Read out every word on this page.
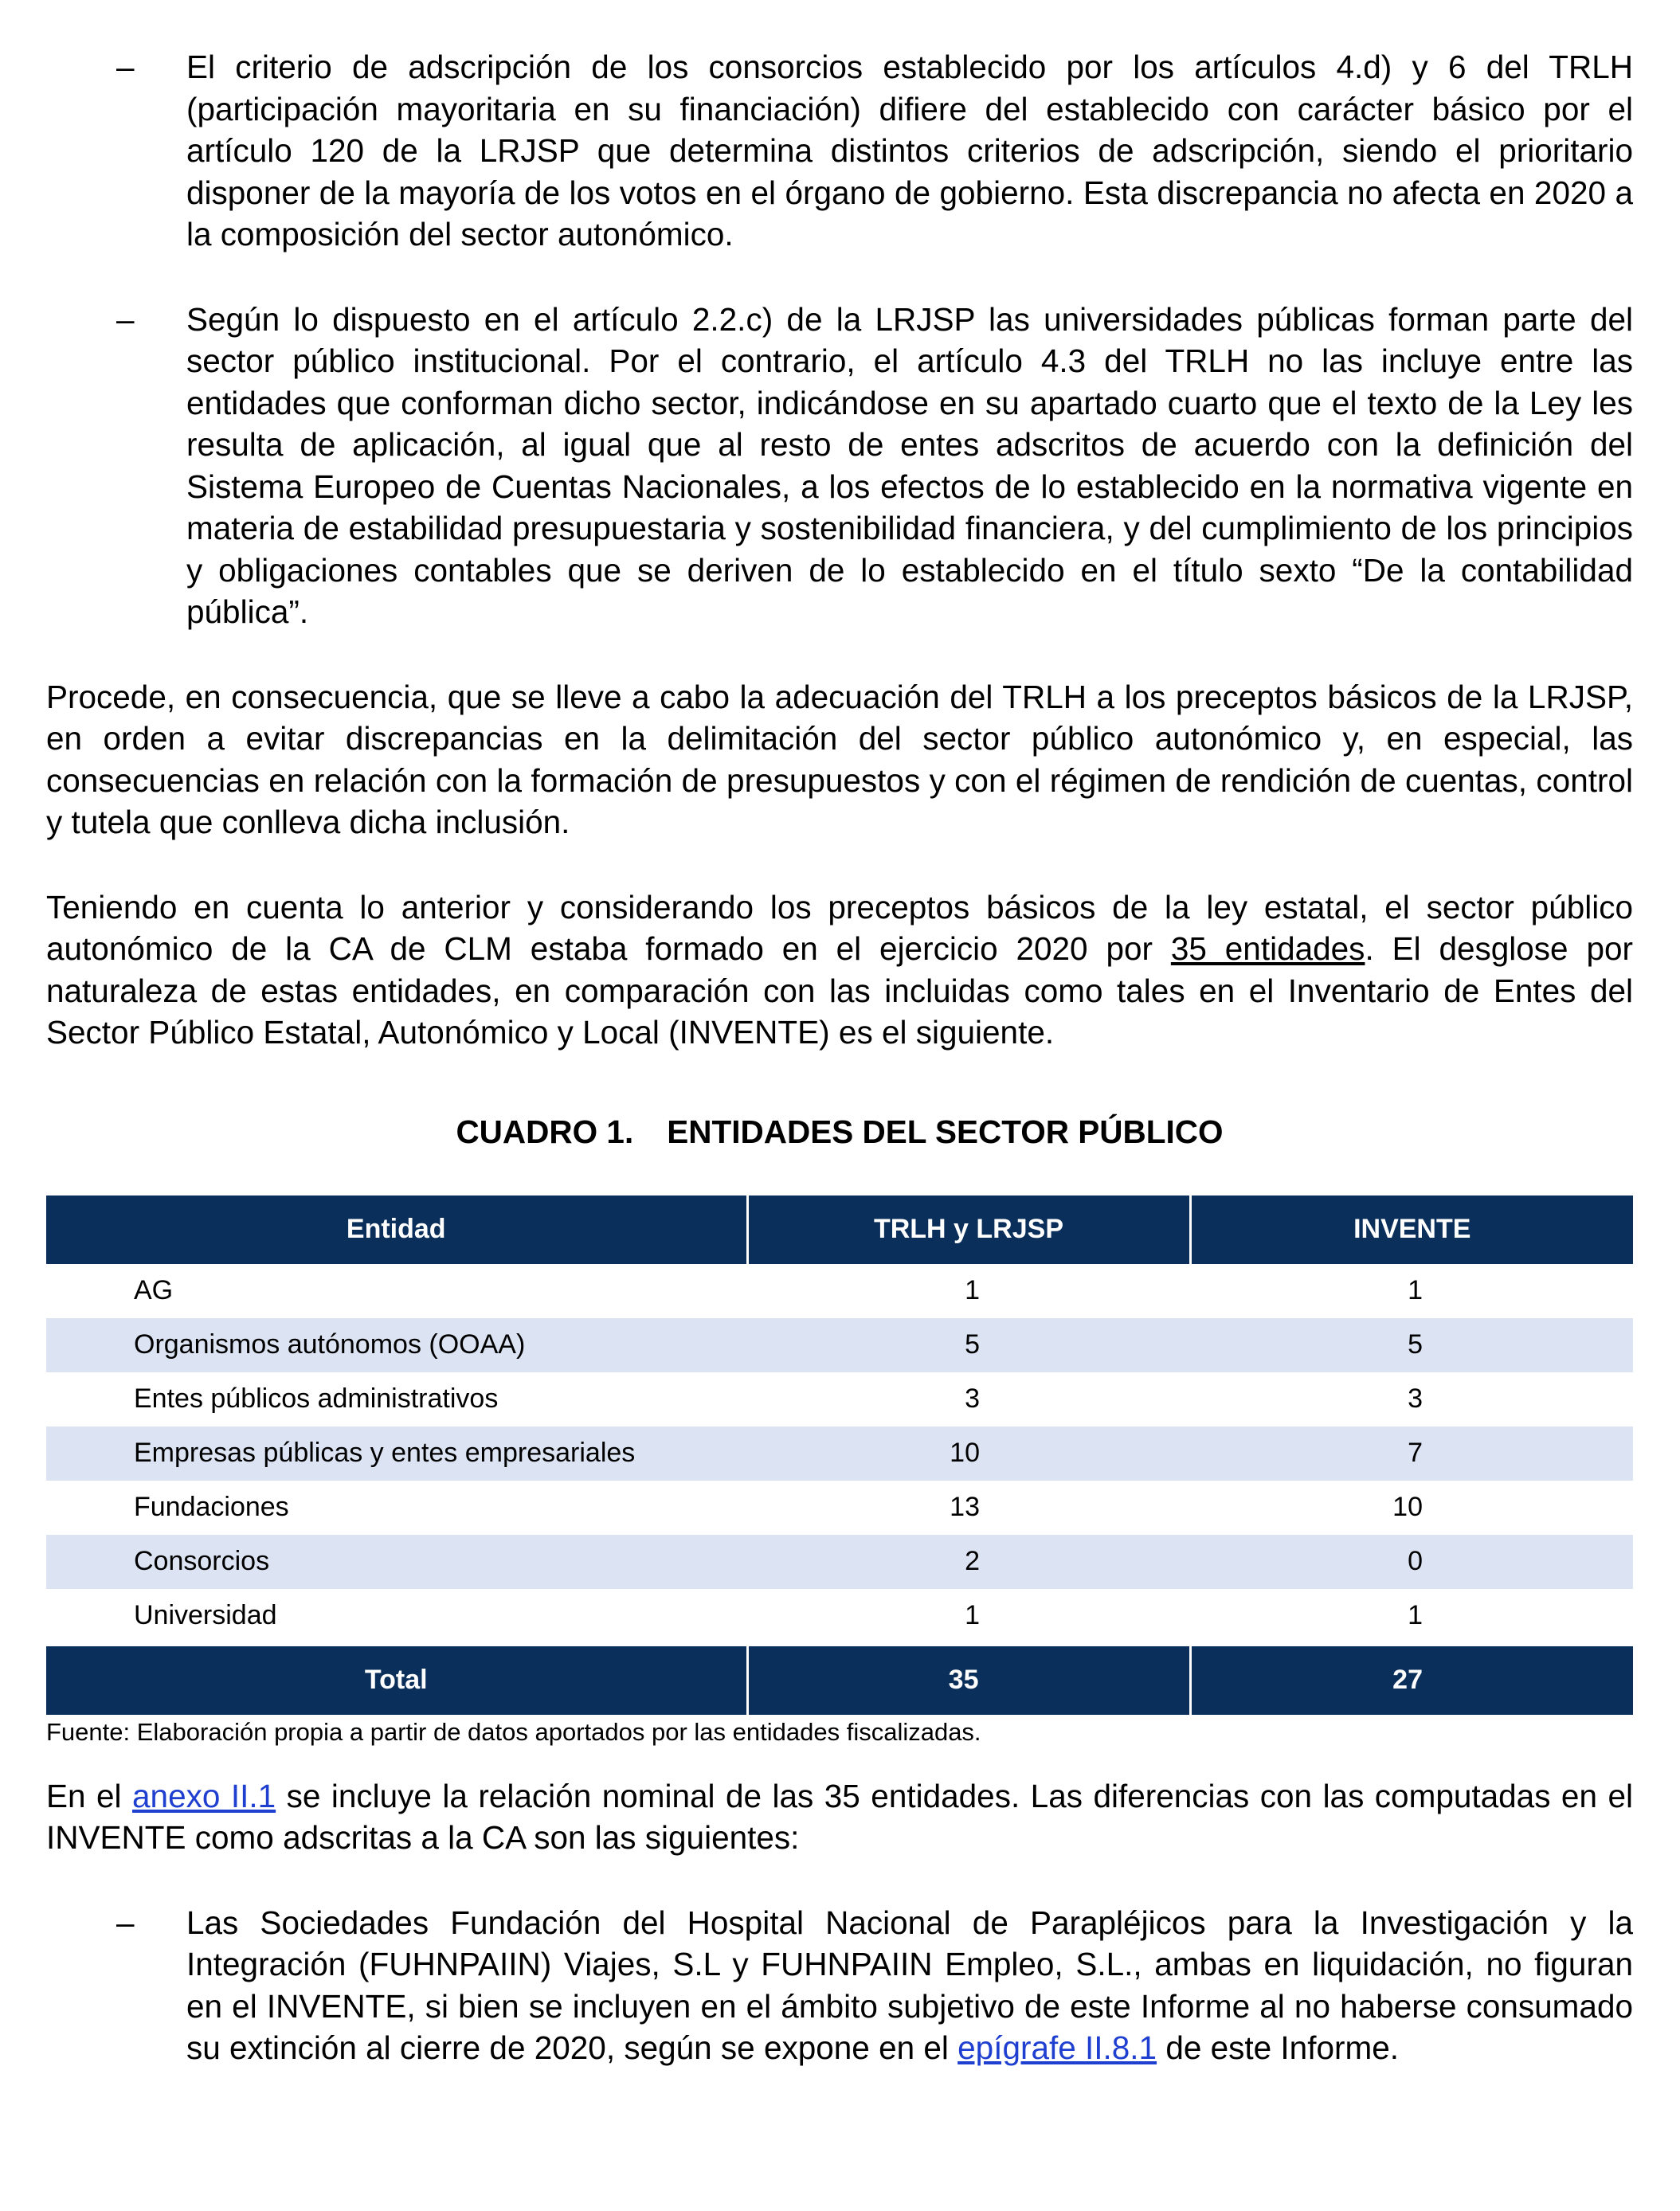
– El criterio de adscripción de los consorcios establecido por los artículos 4.d) y 6 del TRLH (participación mayoritaria en su financiación) difiere del establecido con carácter básico por el artículo 120 de la LRJSP que determina distintos criterios de adscripción, siendo el prioritario disponer de la mayoría de los votos en el órgano de gobierno. Esta discrepancia no afecta en 2020 a la composición del sector autonómico.

– Según lo dispuesto en el artículo 2.2.c) de la LRJSP las universidades públicas forman parte del sector público institucional. Por el contrario, el artículo 4.3 del TRLH no las incluye entre las entidades que conforman dicho sector, indicándose en su apartado cuarto que el texto de la Ley les resulta de aplicación, al igual que al resto de entes adscritos de acuerdo con la definición del Sistema Europeo de Cuentas Nacionales, a los efectos de lo establecido en la normativa vigente en materia de estabilidad presupuestaria y sostenibilidad financiera, y del cumplimiento de los principios y obligaciones contables que se deriven de lo establecido en el título sexto “De la contabilidad pública”.

Procede, en consecuencia, que se lleve a cabo la adecuación del TRLH a los preceptos básicos de la LRJSP, en orden a evitar discrepancias en la delimitación del sector público autonómico y, en especial, las consecuencias en relación con la formación de presupuestos y con el régimen de rendición de cuentas, control y tutela que conlleva dicha inclusión.

Teniendo en cuenta lo anterior y considerando los preceptos básicos de la ley estatal, el sector público autonómico de la CA de CLM estaba formado en el ejercicio 2020 por 35 entidades. El desglose por naturaleza de estas entidades, en comparación con las incluidas como tales en el Inventario de Entes del Sector Público Estatal, Autonómico y Local (INVENTE) es el siguiente.

CUADRO 1. ENTIDADES DEL SECTOR PÚBLICO

Entidad	TRLH y LRJSP	INVENTE
AG	1	1
Organismos autónomos (OOAA)	5	5
Entes públicos administrativos	3	3
Empresas públicas y entes empresariales	10	7
Fundaciones	13	10
Consorcios	2	0
Universidad	1	1
Total	35	27

Fuente: Elaboración propia a partir de datos aportados por las entidades fiscalizadas.

En el anexo II.1 se incluye la relación nominal de las 35 entidades. Las diferencias con las computadas en el INVENTE como adscritas a la CA son las siguientes:

– Las Sociedades Fundación del Hospital Nacional de Parapléjicos para la Investigación y la Integración (FUHNPAIIN) Viajes, S.L y FUHNPAIIN Empleo, S.L., ambas en liquidación, no figuran en el INVENTE, si bien se incluyen en el ámbito subjetivo de este Informe al no haberse consumado su extinción al cierre de 2020, según se expone en el epígrafe II.8.1 de este Informe.
